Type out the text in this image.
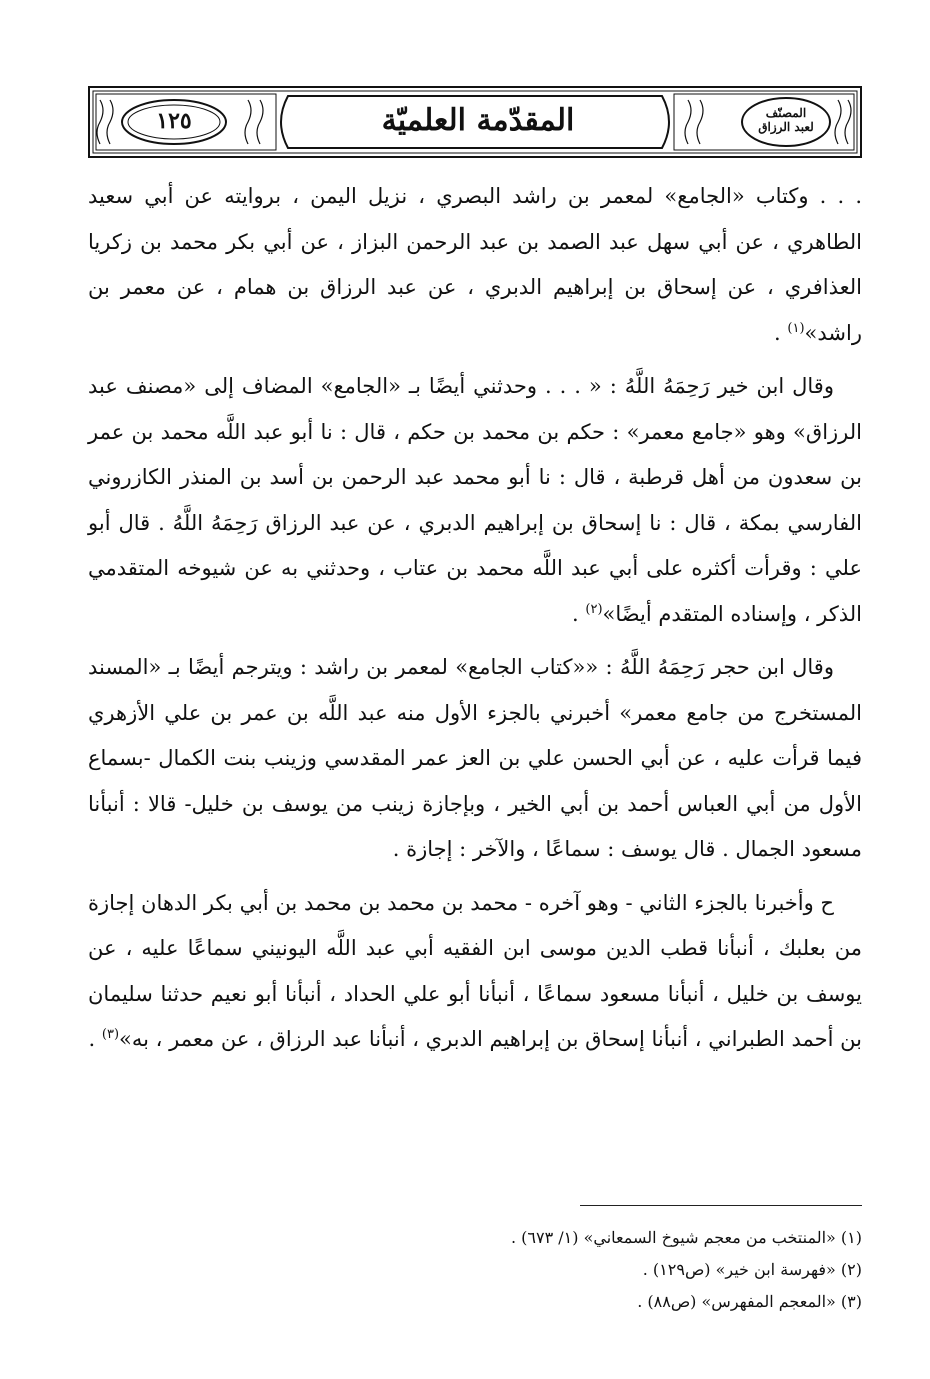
المقدّمة العلميّة
١٢٥	المصنّف
لعبد الرزاق

. . . وكتاب «الجامع» لمعمر بن راشد البصري ، نزيل اليمن ، بروايته عن أبي سعيد الطاهري ، عن أبي سهل عبد الصمد بن عبد الرحمن البزاز ، عن أبي بكر محمد بن زكريا العذافري ، عن إسحاق بن إبراهيم الدبري ، عن عبد الرزاق بن همام ، عن معمر بن راشد»$^{(١)}$ .

وقال ابن خير رَحِمَهُ اللَّهُ : « . . . وحدثني أيضًا بـ «الجامع» المضاف إلى «مصنف عبد الرزاق» وهو «جامع معمر» : حكم بن محمد بن حكم ، قال : نا أبو عبد اللَّه محمد بن عمر بن سعدون من أهل قرطبة ، قال : نا أبو محمد عبد الرحمن بن أسد بن المنذر الكازروني الفارسي بمكة ، قال : نا إسحاق بن إبراهيم الدبري ، عن عبد الرزاق رَحِمَهُ اللَّهُ . قال أبو علي : وقرأت أكثره على أبي عبد اللَّه محمد بن عتاب ، وحدثني به عن شيوخه المتقدمي الذكر ، وإسناده المتقدم أيضًا»$^{(٢)}$ .

وقال ابن حجر رَحِمَهُ اللَّهُ : ««كتاب الجامع» لمعمر بن راشد : ويترجم أيضًا بـ «المسند المستخرج من جامع معمر» أخبرني بالجزء الأول منه عبد اللَّه بن عمر بن علي الأزهري فيما قرأت عليه ، عن أبي الحسن علي بن العز عمر المقدسي وزينب بنت الكمال -بسماع الأول من أبي العباس أحمد بن أبي الخير ، وبإجازة زينب من يوسف بن خليل- قالا : أنبأنا مسعود الجمال . قال يوسف : سماعًا ، والآخر : إجازة .

ح وأخبرنا بالجزء الثاني - وهو آخره - محمد بن محمد بن محمد بن أبي بكر الدهان إجازة من بعلبك ، أنبأنا قطب الدين موسى ابن الفقيه أبي عبد اللَّه اليونيني سماعًا عليه ، عن يوسف بن خليل ، أنبأنا مسعود سماعًا ، أنبأنا أبو علي الحداد ، أنبأنا أبو نعيم حدثنا سليمان بن أحمد الطبراني ، أنبأنا إسحاق بن إبراهيم الدبري ، أنبأنا عبد الرزاق ، عن معمر ، به»$^{(٣)}$ .

(١) «المنتخب من معجم شيوخ السمعاني» (١/ ٦٧٣) .

(٢) «فهرسة ابن خير» (ص١٢٩) .

(٣) «المعجم المفهرس» (ص٨٨) .
